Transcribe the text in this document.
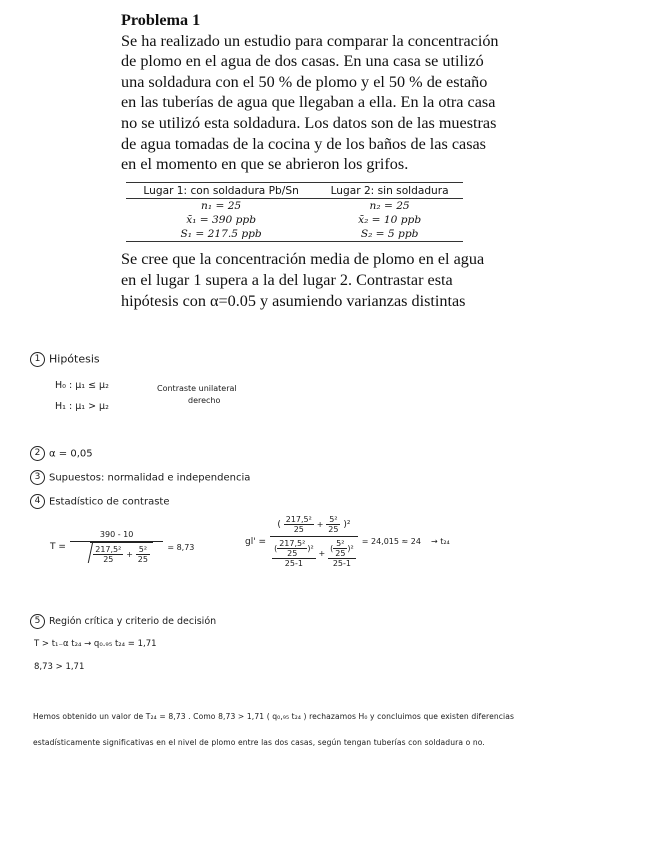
Problema 1

Se ha realizado un estudio para comparar la concentración
de plomo en el agua de dos casas. En una casa se utilizó
una soldadura con el 50 % de plomo y el 50 % de estaño
en las tuberías de agua que llegaban a ella. En la otra casa
no se utilizó esta soldadura. Los datos son de las muestras
de agua tomadas de la cocina y de los baños de las casas
en el momento en que se abrieron los grifos.

Lugar 1: con soldadura Pb/Sn	Lugar 2: sin soldadura
n₁ = 25	n₂ = 25
x̄₁ = 390 ppb	x̄₂ = 10 ppb
S₁ = 217.5 ppb	S₂ = 5 ppb

Se cree que la concentración media de plomo en el agua
en el lugar 1 supera a la del lugar 2. Contrastar esta
hipótesis con α=0.05 y asumiendo varianzas distintas

1 Hipótesis
H₀ : μ₁ ≤ μ₂
H₁ : μ₁ > μ₂
Contraste unilateral
derecho
2 α = 0,05
3 Supuestos: normalidad e independencia
4 Estadístico de contraste
T =
390 - 10
$\frac{\text{217,5²}}{25} + \frac{\text{5²}}{25} = 8,73$
gl' =
( $\frac{\text{217,5²}}{25} + \frac{\text{5²}}{25} )^2$
$\frac{( \frac{\text{217,5²}}{25} )^2}{25-1} + \frac{( \frac{\text{5²}}{25} )^2}{25-1} = 24,015 \approx 24 \to t_{24}$
5 Región crítica y criterio de decisión
T > t₁₋α t₂₄ → q₀.₉₅ t₂₄ = 1,71
8,73 > 1,71
Hemos obtenido un valor de T₂₄ = 8,73 . Como 8,73 > 1,71 ( q₀,₉₅ t₂₄ ) rechazamos H₀ y concluimos que existen diferencias
estadísticamente significativas en el nivel de plomo entre las dos casas, según tengan tuberías con soldadura o no.
